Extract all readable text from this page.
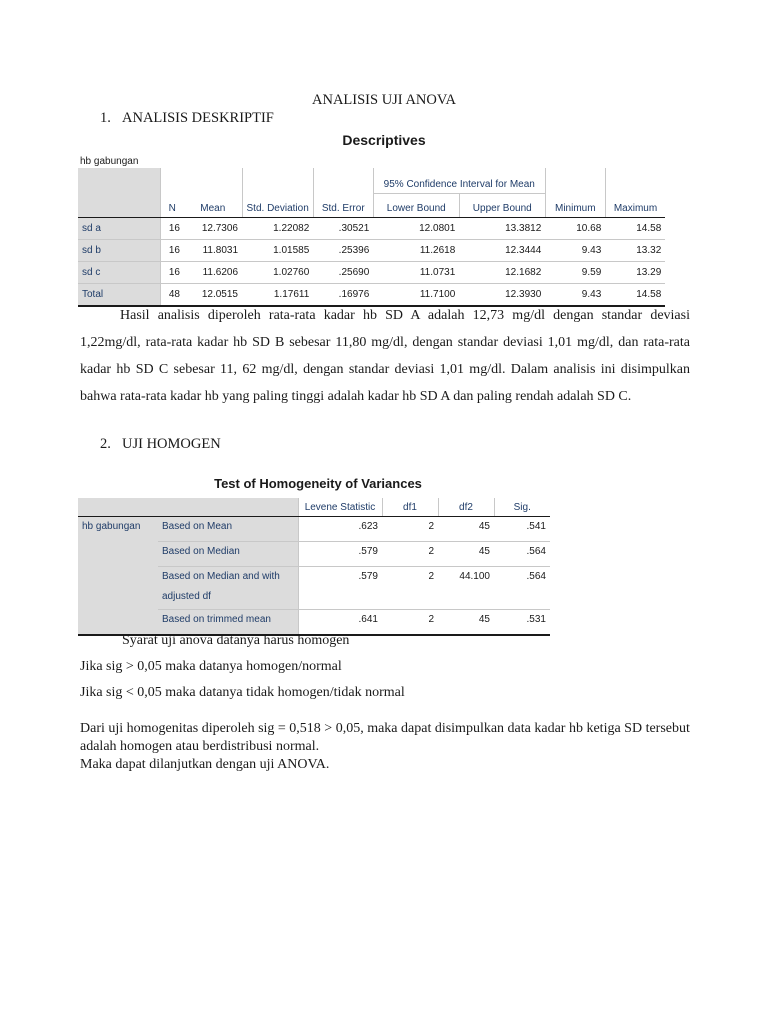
ANALISIS UJI ANOVA
1. ANALISIS DESKRIPTIF
Descriptives
hb gabungan
					95% Confidence Interval for Mean			
	N	Mean	Std. Deviation	Std. Error	Lower Bound	Upper Bound	Minimum	Maximum
sd a	16	12.7306	1.22082	.30521	12.0801	13.3812	10.68	14.58
sd b	16	11.8031	1.01585	.25396	11.2618	12.3444	9.43	13.32
sd c	16	11.6206	1.02760	.25690	11.0731	12.1682	9.59	13.29
Total	48	12.0515	1.17611	.16976	11.7100	12.3930	9.43	14.58
Hasil analisis diperoleh rata-rata kadar hb SD A adalah 12,73 mg/dl dengan standar deviasi 1,22mg/dl, rata-rata kadar hb SD B sebesar 11,80 mg/dl, dengan standar deviasi 1,01 mg/dl, dan rata-rata kadar hb SD C sebesar 11, 62 mg/dl, dengan standar deviasi 1,01 mg/dl. Dalam analisis ini disimpulkan bahwa rata-rata kadar hb yang paling tinggi adalah kadar hb SD A dan paling rendah adalah SD C.
2. UJI HOMOGEN
Test of Homogeneity of Variances
		Levene Statistic	df1	df2	Sig.
hb gabungan	Based on Mean	.623	2	45	.541
	Based on Median	.579	2	45	.564
	Based on Median and with adjusted df	.579	2	44.100	.564
	Based on trimmed mean	.641	2	45	.531
Syarat uji anova datanya harus homogen
Jika sig > 0,05 maka datanya homogen/normal
Jika sig < 0,05 maka datanya tidak homogen/tidak normal
Dari uji homogenitas diperoleh sig = 0,518 > 0,05, maka dapat disimpulkan data kadar hb ketiga SD tersebut
adalah homogen atau berdistribusi normal.
Maka dapat dilanjutkan dengan uji ANOVA.
